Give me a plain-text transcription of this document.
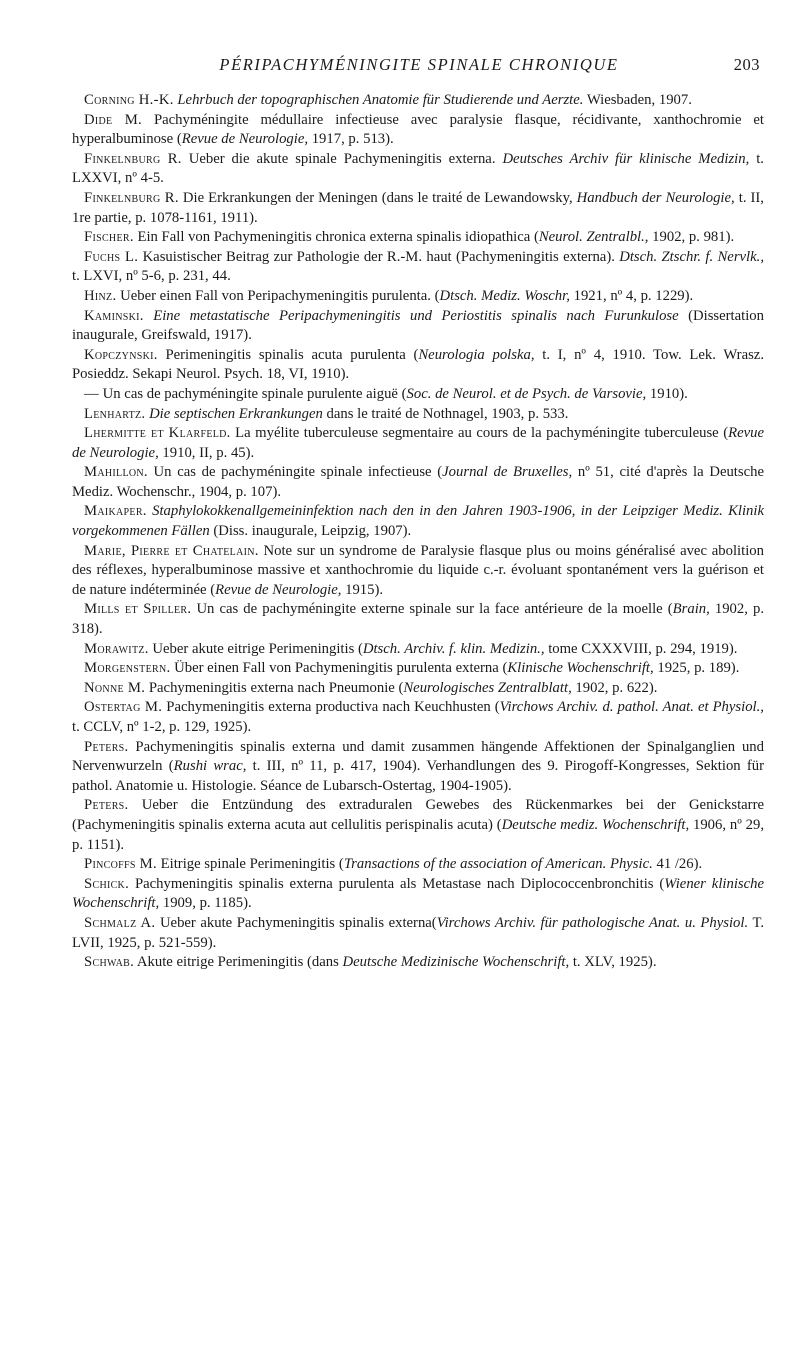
PÉRIPACHYMÉNINGITE SPINALE CHRONIQUE	203

Corning H.-K. Lehrbuch der topographischen Anatomie für Studierende und Aerzte. Wiesbaden, 1907.

Dide M. Pachyméningite médullaire infectieuse avec paralysie flasque, récidivante, xanthochromie et hyperalbuminose (Revue de Neurologie, 1917, p. 513).

Finkelnburg R. Ueber die akute spinale Pachymeningitis externa. Deutsches Archiv für klinische Medizin, t. LXXVI, nº 4-5.

Finkelnburg R. Die Erkrankungen der Meningen (dans le traité de Lewandowsky, Handbuch der Neurologie, t. II, 1re partie, p. 1078-1161, 1911).

Fischer. Ein Fall von Pachymeningitis chronica externa spinalis idiopathica (Neurol. Zentralbl., 1902, p. 981).

Fuchs L. Kasuistischer Beitrag zur Pathologie der R.-M. haut (Pachymeningitis externa). Dtsch. Ztschr. f. Nervlk., t. LXVI, nº 5-6, p. 231, 44.

Hinz. Ueber einen Fall von Peripachymeningitis purulenta. (Dtsch. Mediz. Woschr, 1921, nº 4, p. 1229).

Kaminski. Eine metastatische Peripachymeningitis und Periostitis spinalis nach Furunkulose (Dissertation inaugurale, Greifswald, 1917).

Kopczynski. Perimeningitis spinalis acuta purulenta (Neurologia polska, t. I, nº 4, 1910. Tow. Lek. Wrasz. Posieddz. Sekapi Neurol. Psych. 18, VI, 1910).

— Un cas de pachyméningite spinale purulente aiguë (Soc. de Neurol. et de Psych. de Varsovie, 1910).

Lenhartz. Die septischen Erkrankungen dans le traité de Nothnagel, 1903, p. 533.

Lhermitte et Klarfeld. La myélite tuberculeuse segmentaire au cours de la pachyméningite tuberculeuse (Revue de Neurologie, 1910, II, p. 45).

Mahillon. Un cas de pachyméningite spinale infectieuse (Journal de Bruxelles, nº 51, cité d'après la Deutsche Mediz. Wochenschr., 1904, p. 107).

Maikaper. Staphylokokkenallgemeininfektion nach den in den Jahren 1903-1906, in der Leipziger Mediz. Klinik vorgekommenen Fällen (Diss. inaugurale, Leipzig, 1907).

Marie, Pierre et Chatelain. Note sur un syndrome de Paralysie flasque plus ou moins généralisé avec abolition des réflexes, hyperalbuminose massive et xanthochromie du liquide c.-r. évoluant spontanément vers la guérison et de nature indéterminée (Revue de Neurologie, 1915).

Mills et Spiller. Un cas de pachyméningite externe spinale sur la face antérieure de la moelle (Brain, 1902, p. 318).

Morawitz. Ueber akute eitrige Perimeningitis (Dtsch. Archiv. f. klin. Medizin., tome CXXXVIII, p. 294, 1919).

Morgenstern. Über einen Fall von Pachymeningitis purulenta externa (Klinische Wochenschrift, 1925, p. 189).

Nonne M. Pachymeningitis externa nach Pneumonie (Neurologisches Zentralblatt, 1902, p. 622).

Ostertag M. Pachymeningitis externa productiva nach Keuchhusten (Virchows Archiv. d. pathol. Anat. et Physiol., t. CCLV, nº 1-2, p. 129, 1925).

Peters. Pachymeningitis spinalis externa und damit zusammen hängende Affektionen der Spinalganglien und Nervenwurzeln (Rushi wrac, t. III, nº 11, p. 417, 1904). Verhandlungen des 9. Pirogoff-Kongresses, Sektion für pathol. Anatomie u. Histologie. Séance de Lubarsch-Ostertag, 1904-1905).

Peters. Ueber die Entzündung des extraduralen Gewebes des Rückenmarkes bei der Genickstarre (Pachymeningitis spinalis externa acuta aut cellulitis perispinalis acuta) (Deutsche mediz. Wochenschrift, 1906, nº 29, p. 1151).

Pincoffs M. Eitrige spinale Perimeningitis (Transactions of the association of American. Physic. 41 /26).

Schick. Pachymeningitis spinalis externa purulenta als Metastase nach Diplococcenbronchitis (Wiener klinische Wochenschrift, 1909, p. 1185).

Schmalz A. Ueber akute Pachymeningitis spinalis externa(Virchows Archiv. für pathologische Anat. u. Physiol. T. LVII, 1925, p. 521-559).

Schwab. Akute eitrige Perimeningitis (dans Deutsche Medizinische Wochenschrift, t. XLV, 1925).
